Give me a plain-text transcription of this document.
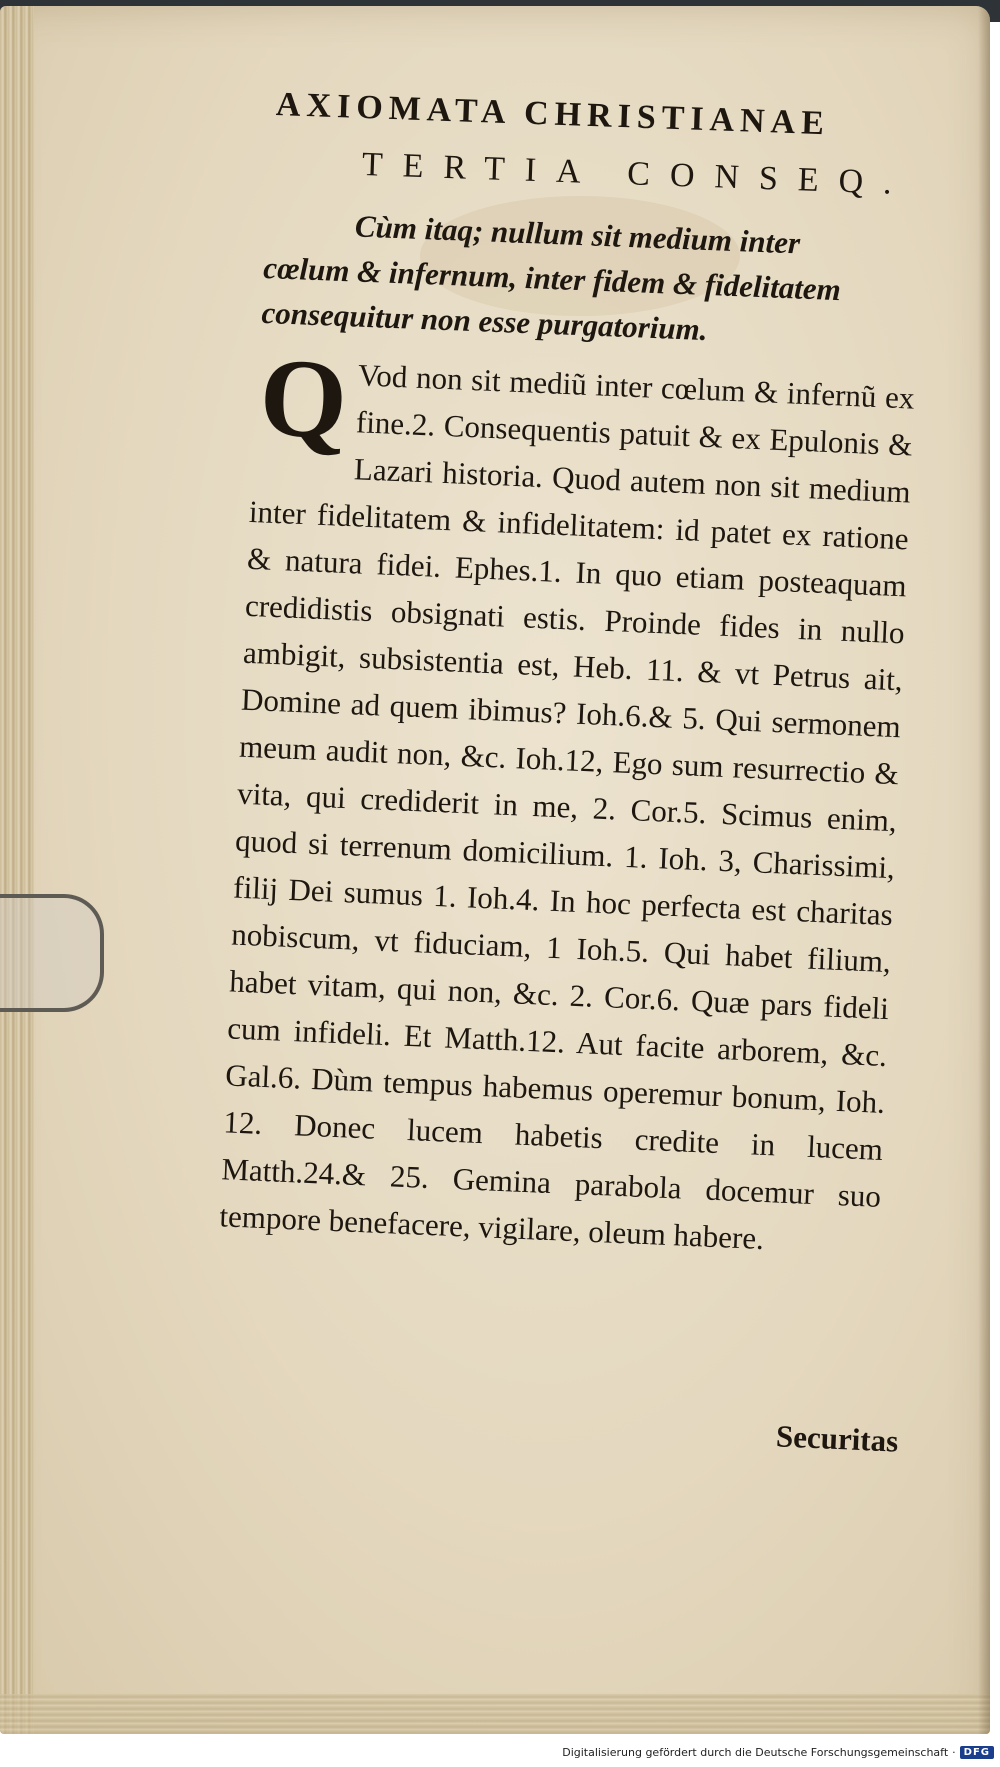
AXIOMATA CHRISTIANAE
TERTIA CONSEQ.

Cùm itaq; nullum sit medium inter cœlum & infernum, inter fidem & fidelitatem consequitur non esse purgatorium.

Q Vod non sit mediũ inter cœlum & infernũ ex fine.2. Consequentis patuit & ex Epulonis & Lazari historia. Quod autem non sit medium inter fidelitatem & infidelitatem: id patet ex ratione & natura fidei. Ephes.1. In quo etiam posteaquam credidistis obsignati estis. Proinde fides in nullo ambigit, subsistentia est, Heb. 11. & vt Petrus ait, Domine ad quem ibimus? Ioh.6.& 5. Qui sermonem meum audit non, &c. Ioh.12, Ego sum resurrectio & vita, qui crediderit in me, 2. Cor.5. Scimus enim, quod si terrenum domicilium. 1. Ioh. 3, Charissimi, filij Dei sumus 1. Ioh.4. In hoc perfecta est charitas nobiscum, vt fiduciam, 1 Ioh.5. Qui habet filium, habet vitam, qui non, &c. 2. Cor.6. Quæ pars fideli cum infideli. Et Matth.12. Aut facite arborem, &c. Gal.6. Dùm tempus habemus operemur bonum, Ioh. 12. Donec lucem habetis credite in lucem Matth.24.& 25. Gemina parabola docemur suo tempore benefacere, vigilare, oleum habere.

Securitas
Digitalisierung gefördert durch die Deutsche Forschungsgemeinschaft · DFG
